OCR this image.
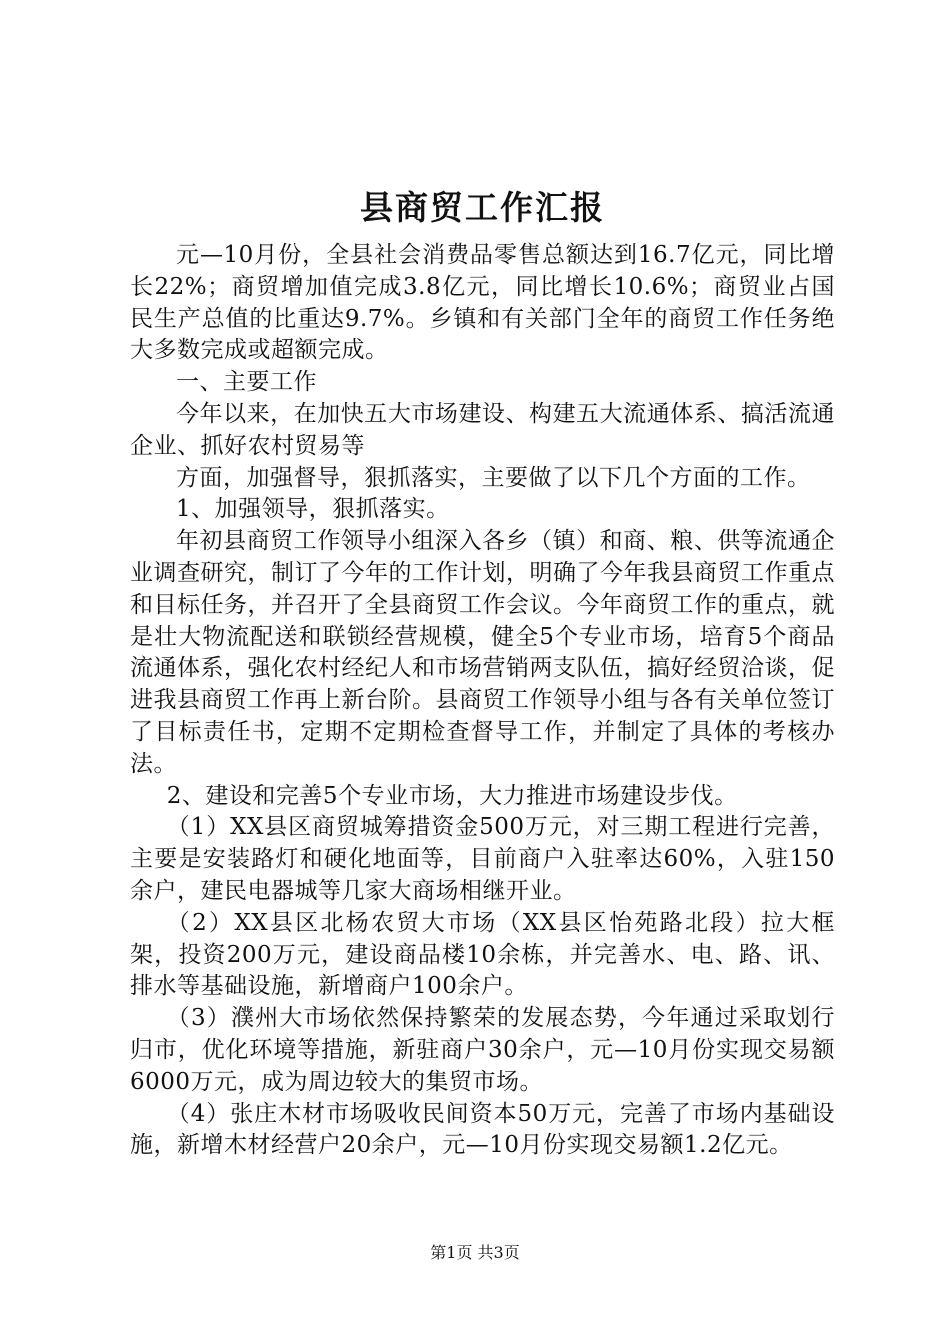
县商贸工作汇报

元—10月份，全县社会消费品零售总额达到16.7亿元，同比增长22%；商贸增加值完成3.8亿元，同比增长10.6%；商贸业占国民生产总值的比重达9.7%。乡镇和有关部门全年的商贸工作任务绝大多数完成或超额完成。

一、主要工作

今年以来，在加快五大市场建设、构建五大流通体系、搞活流通企业、抓好农村贸易等

方面，加强督导，狠抓落实，主要做了以下几个方面的工作。

1、加强领导，狠抓落实。

年初县商贸工作领导小组深入各乡（镇）和商、粮、供等流通企业调查研究，制订了今年的工作计划，明确了今年我县商贸工作重点和目标任务，并召开了全县商贸工作会议。今年商贸工作的重点，就是壮大物流配送和联锁经营规模，健全5个专业市场，培育5个商品流通体系，强化农村经纪人和市场营销两支队伍，搞好经贸洽谈，促进我县商贸工作再上新台阶。县商贸工作领导小组与各有关单位签订了目标责任书，定期不定期检查督导工作，并制定了具体的考核办法。

2、建设和完善5个专业市场，大力推进市场建设步伐。

（1）XX县区商贸城筹措资金500万元，对三期工程进行完善，主要是安装路灯和硬化地面等，目前商户入驻率达60%，入驻150余户，建民电器城等几家大商场相继开业。

（2）XX县区北杨农贸大市场（XX县区怡苑路北段）拉大框架，投资200万元，建设商品楼10余栋，并完善水、电、路、讯、排水等基础设施，新增商户100余户。

（3）濮州大市场依然保持繁荣的发展态势，今年通过采取划行归市，优化环境等措施，新驻商户30余户，元—10月份实现交易额6000万元，成为周边较大的集贸市场。

（4）张庄木材市场吸收民间资本50万元，完善了市场内基础设施，新增木材经营户20余户，元—10月份实现交易额1.2亿元。

第1页 共3页
